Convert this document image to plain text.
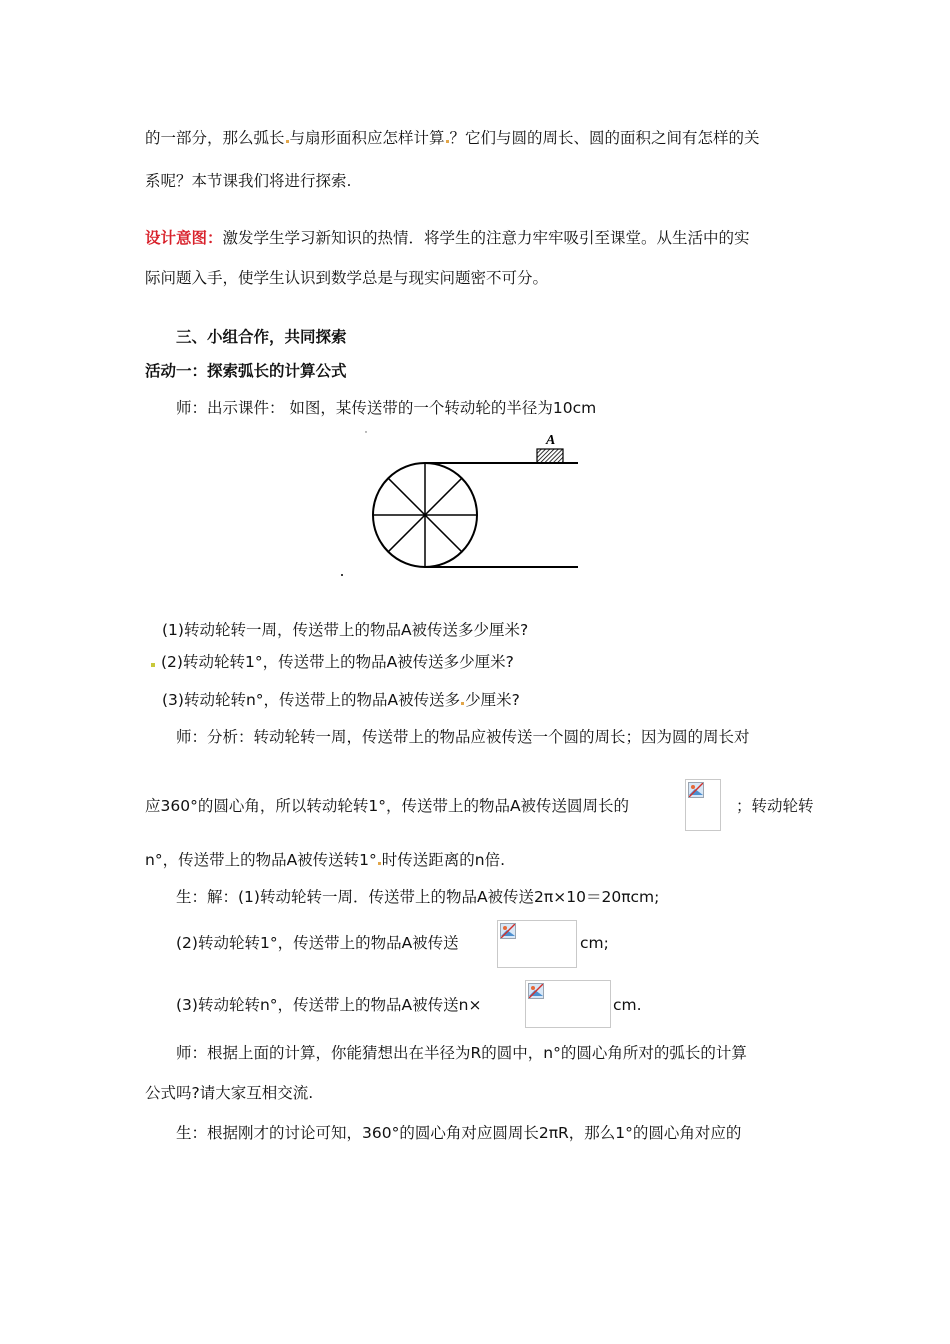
的一部分，那么弧长 与扇形面积应怎样计算 ？它们与圆的周长、圆的面积之间有怎样的关
系呢？本节课我们将进行探索.
设计意图：激发学生学习新知识的热情．将学生的注意力牢牢吸引至课堂。从生活中的实
际问题入手，使学生认识到数学总是与现实问题密不可分。
三、小组合作，共同探索
活动一：探索弧长的计算公式
师：出示课件： 如图，某传送带的一个转动轮的半径为10cm
A
(1)转动轮转一周，传送带上的物品A被传送多少厘米?
(2)转动轮转1°，传送带上的物品A被传送多少厘米?
(3)转动轮转n°，传送带上的物品A被传送多 少厘米?
师：分析：转动轮转一周，传送带上的物品应被传送一个圆的周长；因为圆的周长对
应360°的圆心角，所以转动轮转1°，传送带上的物品A被传送圆周长的	；转动轮转
n°，传送带上的物品A被传送转1° 时传送距离的n倍.
生：解：(1)转动轮转一周．传送带上的物品A被传送2π×10＝20πcm;
(2)转动轮转1°，传送带上的物品A被传送	cm;
(3)转动轮转n°，传送带上的物品A被传送n×	cm.
师：根据上面的计算，你能猜想出在半径为R的圆中，n°的圆心角所对的弧长的计算
公式吗?请大家互相交流.
生：根据刚才的讨论可知，360°的圆心角对应圆周长2πR，那么1°的圆心角对应的
